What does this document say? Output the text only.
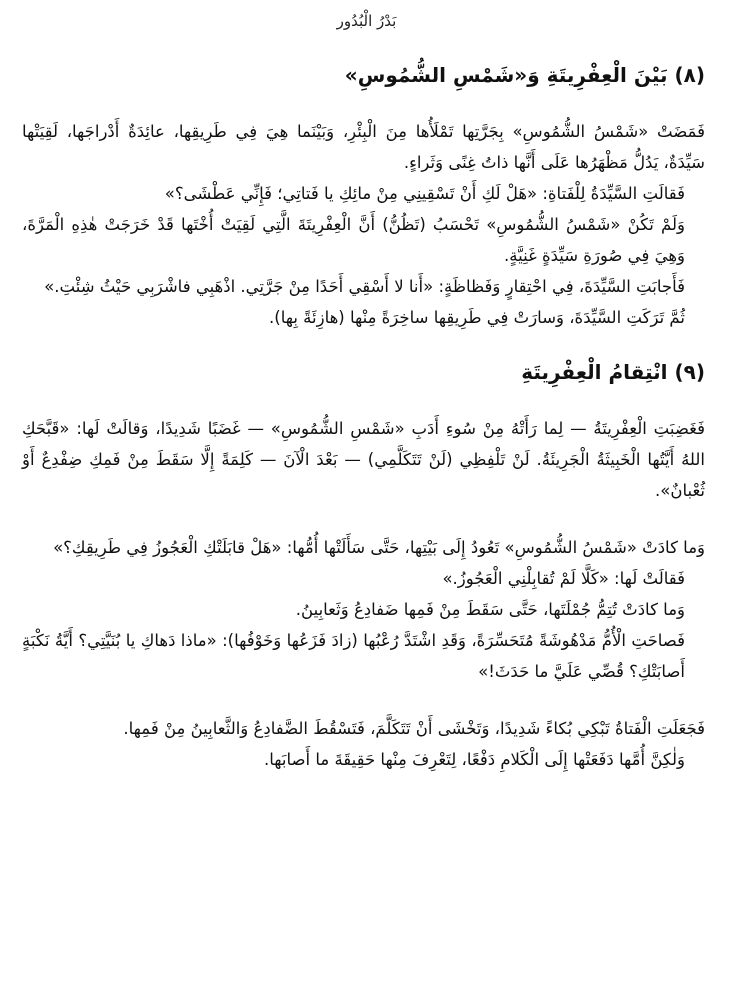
بَدْرُ الْبُدُور
(٨) بَيْنَ الْعِفْرِيتَةِ وَ«شَمْسِ الشُّمُوسِ»

فَمَضَتْ «شَمْسُ الشُّمُوسِ» بِجَرَّتِها تَمْلَأُها مِنَ الْبِئْرِ، وَبَيْنَما هِيَ فِي طَرِيقِها، عائِدَةٌ أَدْراجَها، لَقِيَتْها سَيِّدَةٌ، يَدُلُّ مَظْهَرُها عَلَى أَنَّها ذاتُ غِنًى وَثَراءٍ.

فَقالَتِ السَّيِّدَةُ لِلْفَتاةِ: «هَلْ لَكِ أَنْ تَسْقِينِي مِنْ مائِكِ يا فَتاتِي؛ فَإِنِّي عَطْشَى؟»

وَلَمْ تَكُنْ «شَمْسُ الشُّمُوسِ» تَحْسَبُ (تَظُنُّ) أَنَّ الْعِفْرِيتَةَ الَّتِي لَقِيَتْ أُخْتَها قَدْ خَرَجَتْ هٰذِهِ الْمَرَّةَ، وَهِيَ فِي صُورَةِ سَيِّدَةٍ غَنِيَّةٍ.

فَأَجابَتِ السَّيِّدَةَ، فِي احْتِقارٍ وَفَظاظَةٍ: «أَنا لا أَسْقِي أَحَدًا مِنْ جَرَّتِي. اذْهَبِي فاشْرَبِي حَيْثُ شِئْتِ.»

ثُمَّ تَرَكَتِ السَّيِّدَةَ، وَسارَتْ فِي طَرِيقِها ساخِرَةً مِنْها (هازِئَةً بِها).

(٩) انْتِقامُ الْعِفْرِيتَةِ

فَغَضِبَتِ الْعِفْرِيتَةُ — لِما رَأَتْهُ مِنْ سُوءِ أَدَبِ «شَمْسِ الشُّمُوسِ» — غَضَبًا شَدِيدًا، وَقالَتْ لَها: «قَبَّحَكِ اللهُ أَيَّتُها الْخَبِيثَةُ الْجَرِيئَةُ. لَنْ تَلْفِظِي (لَنْ تَتَكَلَّمِي) — بَعْدَ الْآنَ — كَلِمَةً إِلَّا سَقَطَ مِنْ فَمِكِ ضِفْدِعٌ أَوْ ثُعْبانٌ».

وَما كادَتْ «شَمْسُ الشُّمُوسِ» تَعُودُ إِلَى بَيْتِها، حَتَّى سَأَلَتْها أُمُّها: «هَلْ قابَلَتْكِ الْعَجُوزُ فِي طَرِيقِكِ؟»

فَقالَتْ لَها: «كَلَّا لَمْ تُقابِلْنِي الْعَجُوزُ.»

وَما كادَتْ تُتِمُّ جُمْلَتَها، حَتَّى سَقَطَ مِنْ فَمِها ضَفادِعُ وَثَعابِينُ.

فَصاحَتِ الْأُمُّ مَدْهُوشَةً مُتَحَسِّرَةً، وَقَدِ اشْتَدَّ رُعْبُها (زادَ فَزَعُها وَخَوْفُها): «ماذا دَهاكِ يا بُنَيَّتِي؟ أَيَّةُ نَكْبَةٍ أَصابَتْكِ؟ قُصِّي عَلَيَّ ما حَدَثَ!»

فَجَعَلَتِ الْفَتاةُ تَبْكِي بُكاءً شَدِيدًا، وَتَخْشَى أَنْ تَتَكَلَّمَ، فَتَسْقُطَ الضَّفادِعُ وَالثَّعابِينُ مِنْ فَمِها.

وَلٰكِنَّ أُمَّها دَفَعَتْها إِلَى الْكَلامِ دَفْعًا، لِتَعْرِفَ مِنْها حَقِيقَةَ ما أَصابَها.
